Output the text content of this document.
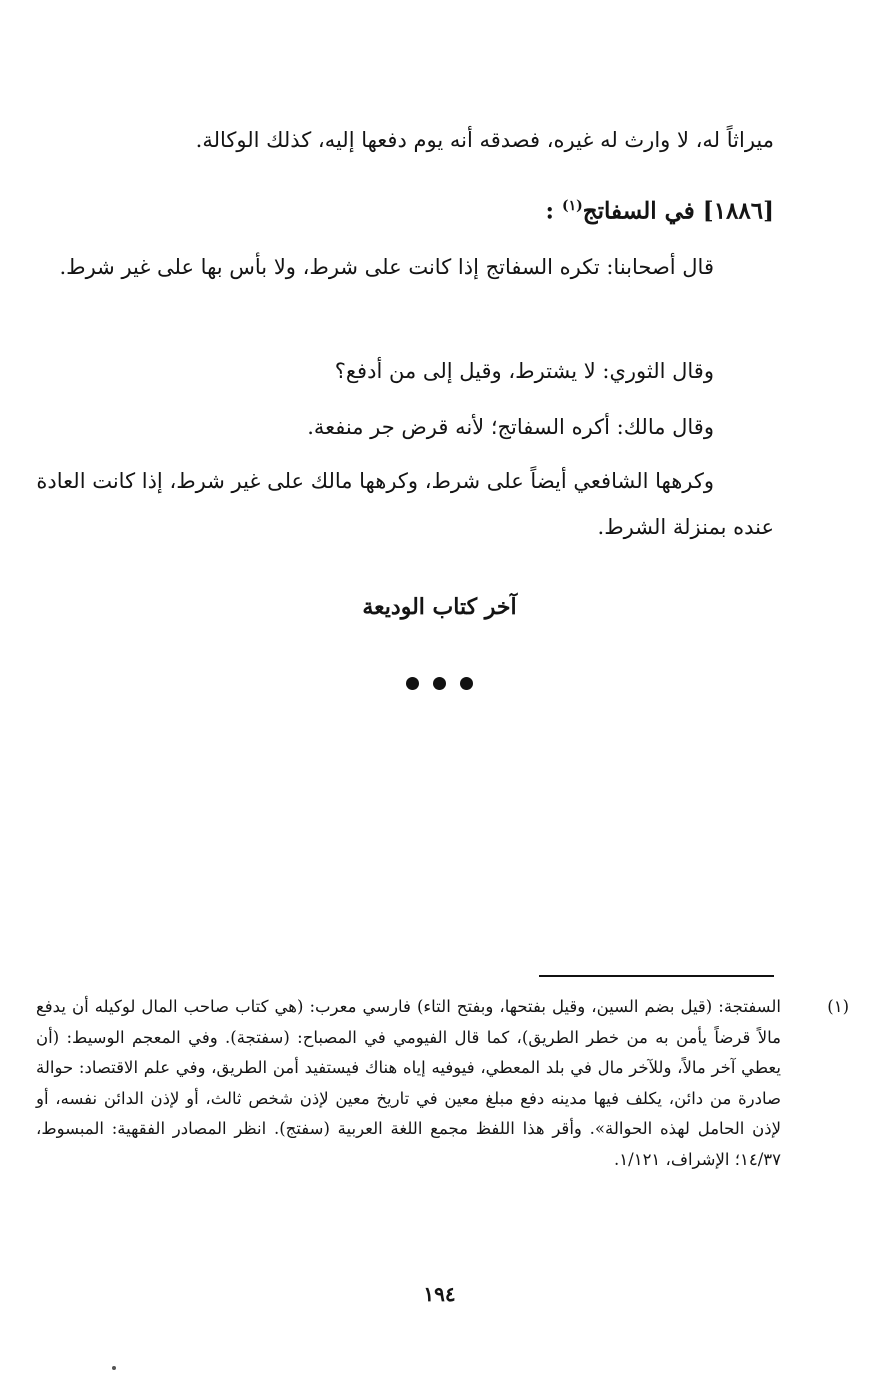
ميراثاً له، لا وارث له غيره، فصدقه أنه يوم دفعها إليه، كذلك الوكالة.

[١٨٨٦] في السفاتج$^{(١)}$ :

قال أصحابنا: تكره السفاتج إذا كانت على شرط، ولا بأس بها على غير شرط.

وقال الثوري: لا يشترط، وقيل إلى من أدفع؟

وقال مالك: أكره السفاتج؛ لأنه قرض جر منفعة.

وكرهها الشافعي أيضاً على شرط، وكرهها مالك على غير شرط، إذا كانت العادة عنده بمنزلة الشرط.

آخر كتاب الوديعة
(١)
السفتجة: (قيل بضم السين، وقيل بفتحها، وبفتح التاء) فارسي معرب: (هي كتاب صاحب المال لوكيله أن يدفع مالاً قرضاً يأمن به من خطر الطريق)، كما قال الفيومي في المصباح: (سفتجة). وفي المعجم الوسيط: (أن يعطي آخر مالاً، وللآخر مال في بلد المعطي، فيوفيه إياه هناك فيستفيد أمن الطريق، وفي علم الاقتصاد: حوالة صادرة من دائن، يكلف فيها مدينه دفع مبلغ معين في تاريخ معين لإذن شخص ثالث، أو لإذن الدائن نفسه، أو لإذن الحامل لهذه الحوالة». وأقر هذا اللفظ مجمع اللغة العربية (سفتج). انظر المصادر الفقهية: المبسوط، ١٤/٣٧؛ الإشراف، ١/١٢١.
١٩٤
